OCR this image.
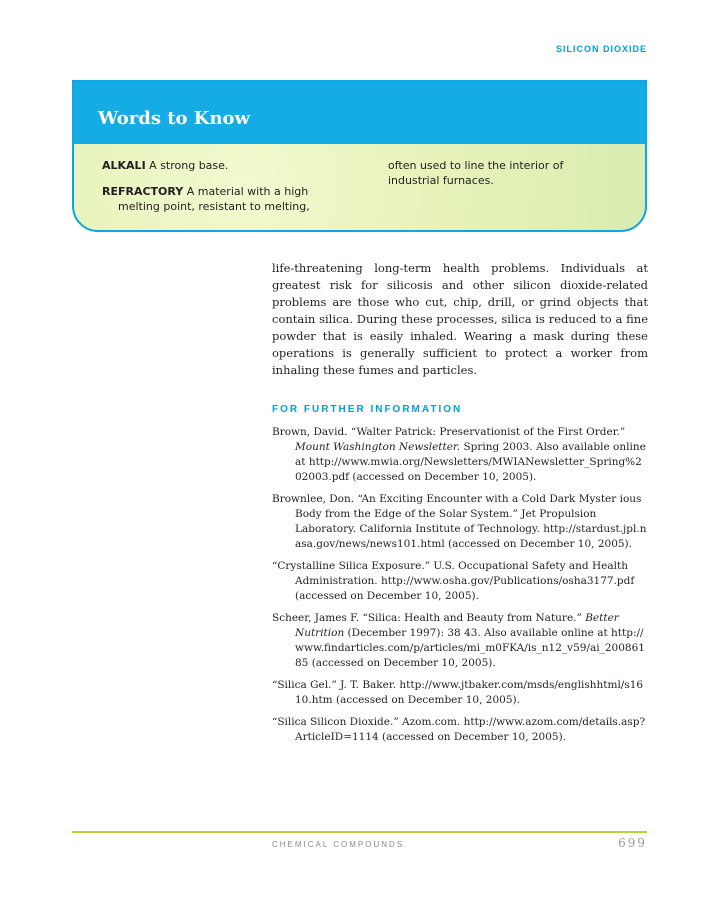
SILICON DIOXIDE
Words to Know

ALKALI A strong base.

REFRACTORY A material with a high melting point, resistant to melting,

often used to line the interior of industrial furnaces.

life-threatening long-term health problems. Individuals at greatest risk for silicosis and other silicon dioxide-related problems are those who cut, chip, drill, or grind objects that contain silica. During these processes, silica is reduced to a fine powder that is easily inhaled. Wearing a mask during these operations is generally sufficient to protect a worker from inhaling these fumes and particles.

FOR FURTHER INFORMATION
Brown, David. “Walter Patrick: Preservationist of the First Order.” Mount Washington Newsletter. Spring 2003. Also available online at http://www.mwia.org/Newsletters/MWIANewsletter_Spring%202003.pdf (accessed on December 10, 2005).
Brownlee, Don. “An Exciting Encounter with a Cold Dark Myster ious Body from the Edge of the Solar System.” Jet Propulsion Laboratory. California Institute of Technology. http://stardust.jpl.nasa.gov/news/news101.html (accessed on December 10, 2005).
“Crystalline Silica Exposure.” U.S. Occupational Safety and Health Administration. http://www.osha.gov/Publications/osha3177.pdf (accessed on December 10, 2005).
Scheer, James F. “Silica: Health and Beauty from Nature.” Better Nutrition (December 1997): 38 43. Also available online at http://www.findarticles.com/p/articles/mi_m0FKA/is_n12_v59/ai_20086185 (accessed on December 10, 2005).
“Silica Gel.” J. T. Baker. http://www.jtbaker.com/msds/englishhtml/s1610.htm (accessed on December 10, 2005).
“Silica Silicon Dioxide.” Azom.com. http://www.azom.com/details.asp?ArticleID=1114 (accessed on December 10, 2005).
CHEMICAL COMPOUNDS	699
